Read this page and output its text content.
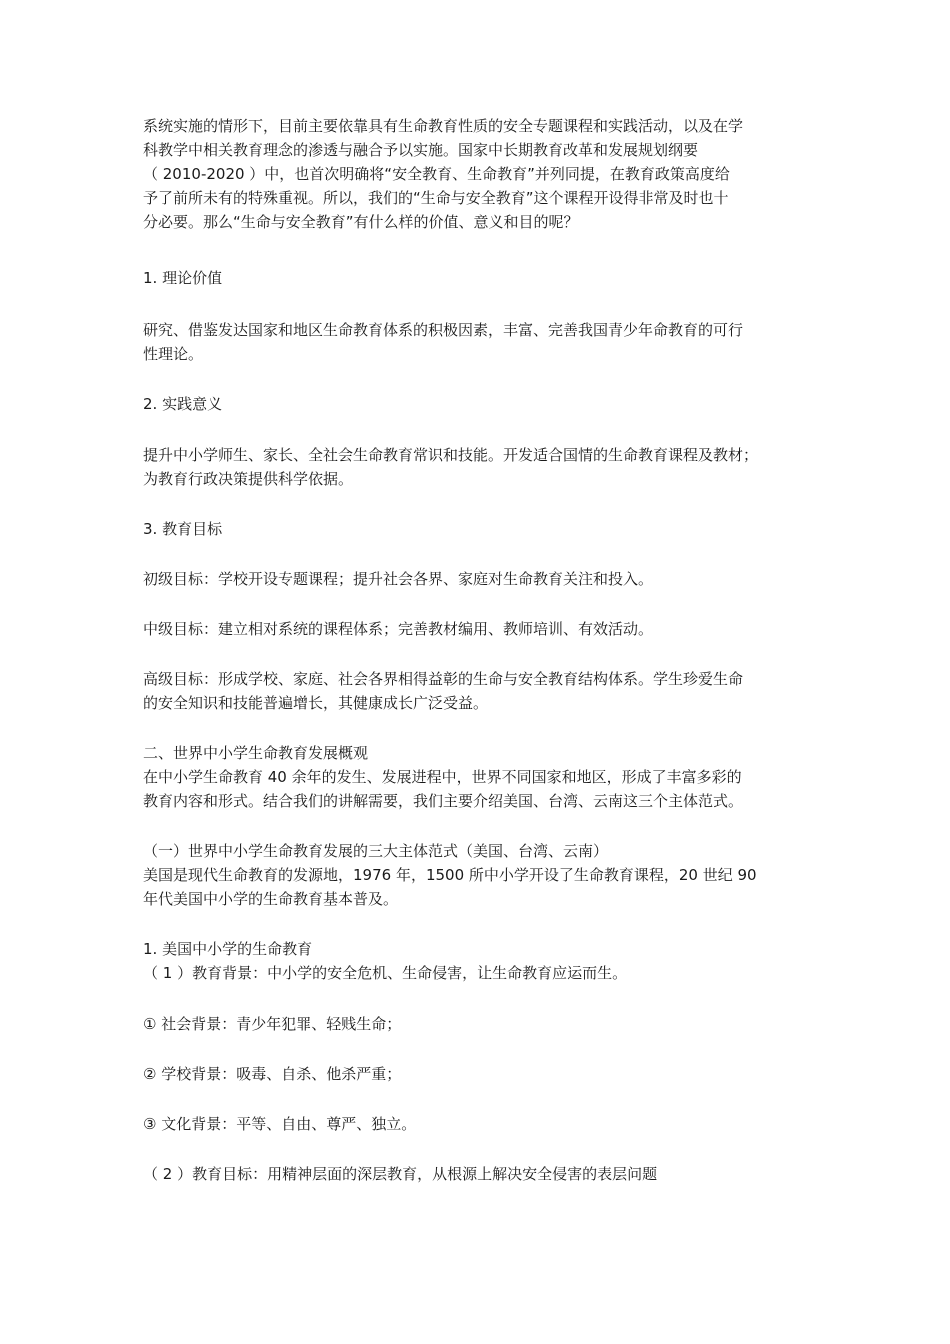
系统实施的情形下，目前主要依靠具有生命教育性质的安全专题课程和实践活动，以及在学
科教学中相关教育理念的渗透与融合予以实施。国家中长期教育改革和发展规划纲要
（ 2010-2020 ）中，也首次明确将“安全教育、生命教育”并列同提，在教育政策高度给
予了前所未有的特殊重视。所以，我们的“生命与安全教育”这个课程开设得非常及时也十
分必要。那么“生命与安全教育”有什么样的价值、意义和目的呢？
1. 理论价值
研究、借鉴发达国家和地区生命教育体系的积极因素，丰富、完善我国青少年命教育的可行
性理论。
2. 实践意义
提升中小学师生、家长、全社会生命教育常识和技能。开发适合国情的生命教育课程及教材；
为教育行政决策提供科学依据。
3. 教育目标
初级目标：学校开设专题课程；提升社会各界、家庭对生命教育关注和投入。
中级目标：建立相对系统的课程体系；完善教材编用、教师培训、有效活动。
高级目标：形成学校、家庭、社会各界相得益彰的生命与安全教育结构体系。学生珍爱生命
的安全知识和技能普遍增长，其健康成长广泛受益。
二、世界中小学生命教育发展概观
在中小学生命教育 40 余年的发生、发展进程中，世界不同国家和地区，形成了丰富多彩的
教育内容和形式。结合我们的讲解需要，我们主要介绍美国、台湾、云南这三个主体范式。
（一）世界中小学生命教育发展的三大主体范式（美国、台湾、云南）
美国是现代生命教育的发源地，1976 年，1500 所中小学开设了生命教育课程，20 世纪 90
年代美国中小学的生命教育基本普及。
1. 美国中小学的生命教育
（ 1 ）教育背景：中小学的安全危机、生命侵害，让生命教育应运而生。
① 社会背景：青少年犯罪、轻贱生命；
② 学校背景：吸毒、自杀、他杀严重；
③ 文化背景：平等、自由、尊严、独立。
（ 2 ）教育目标：用精神层面的深层教育，从根源上解决安全侵害的表层问题
